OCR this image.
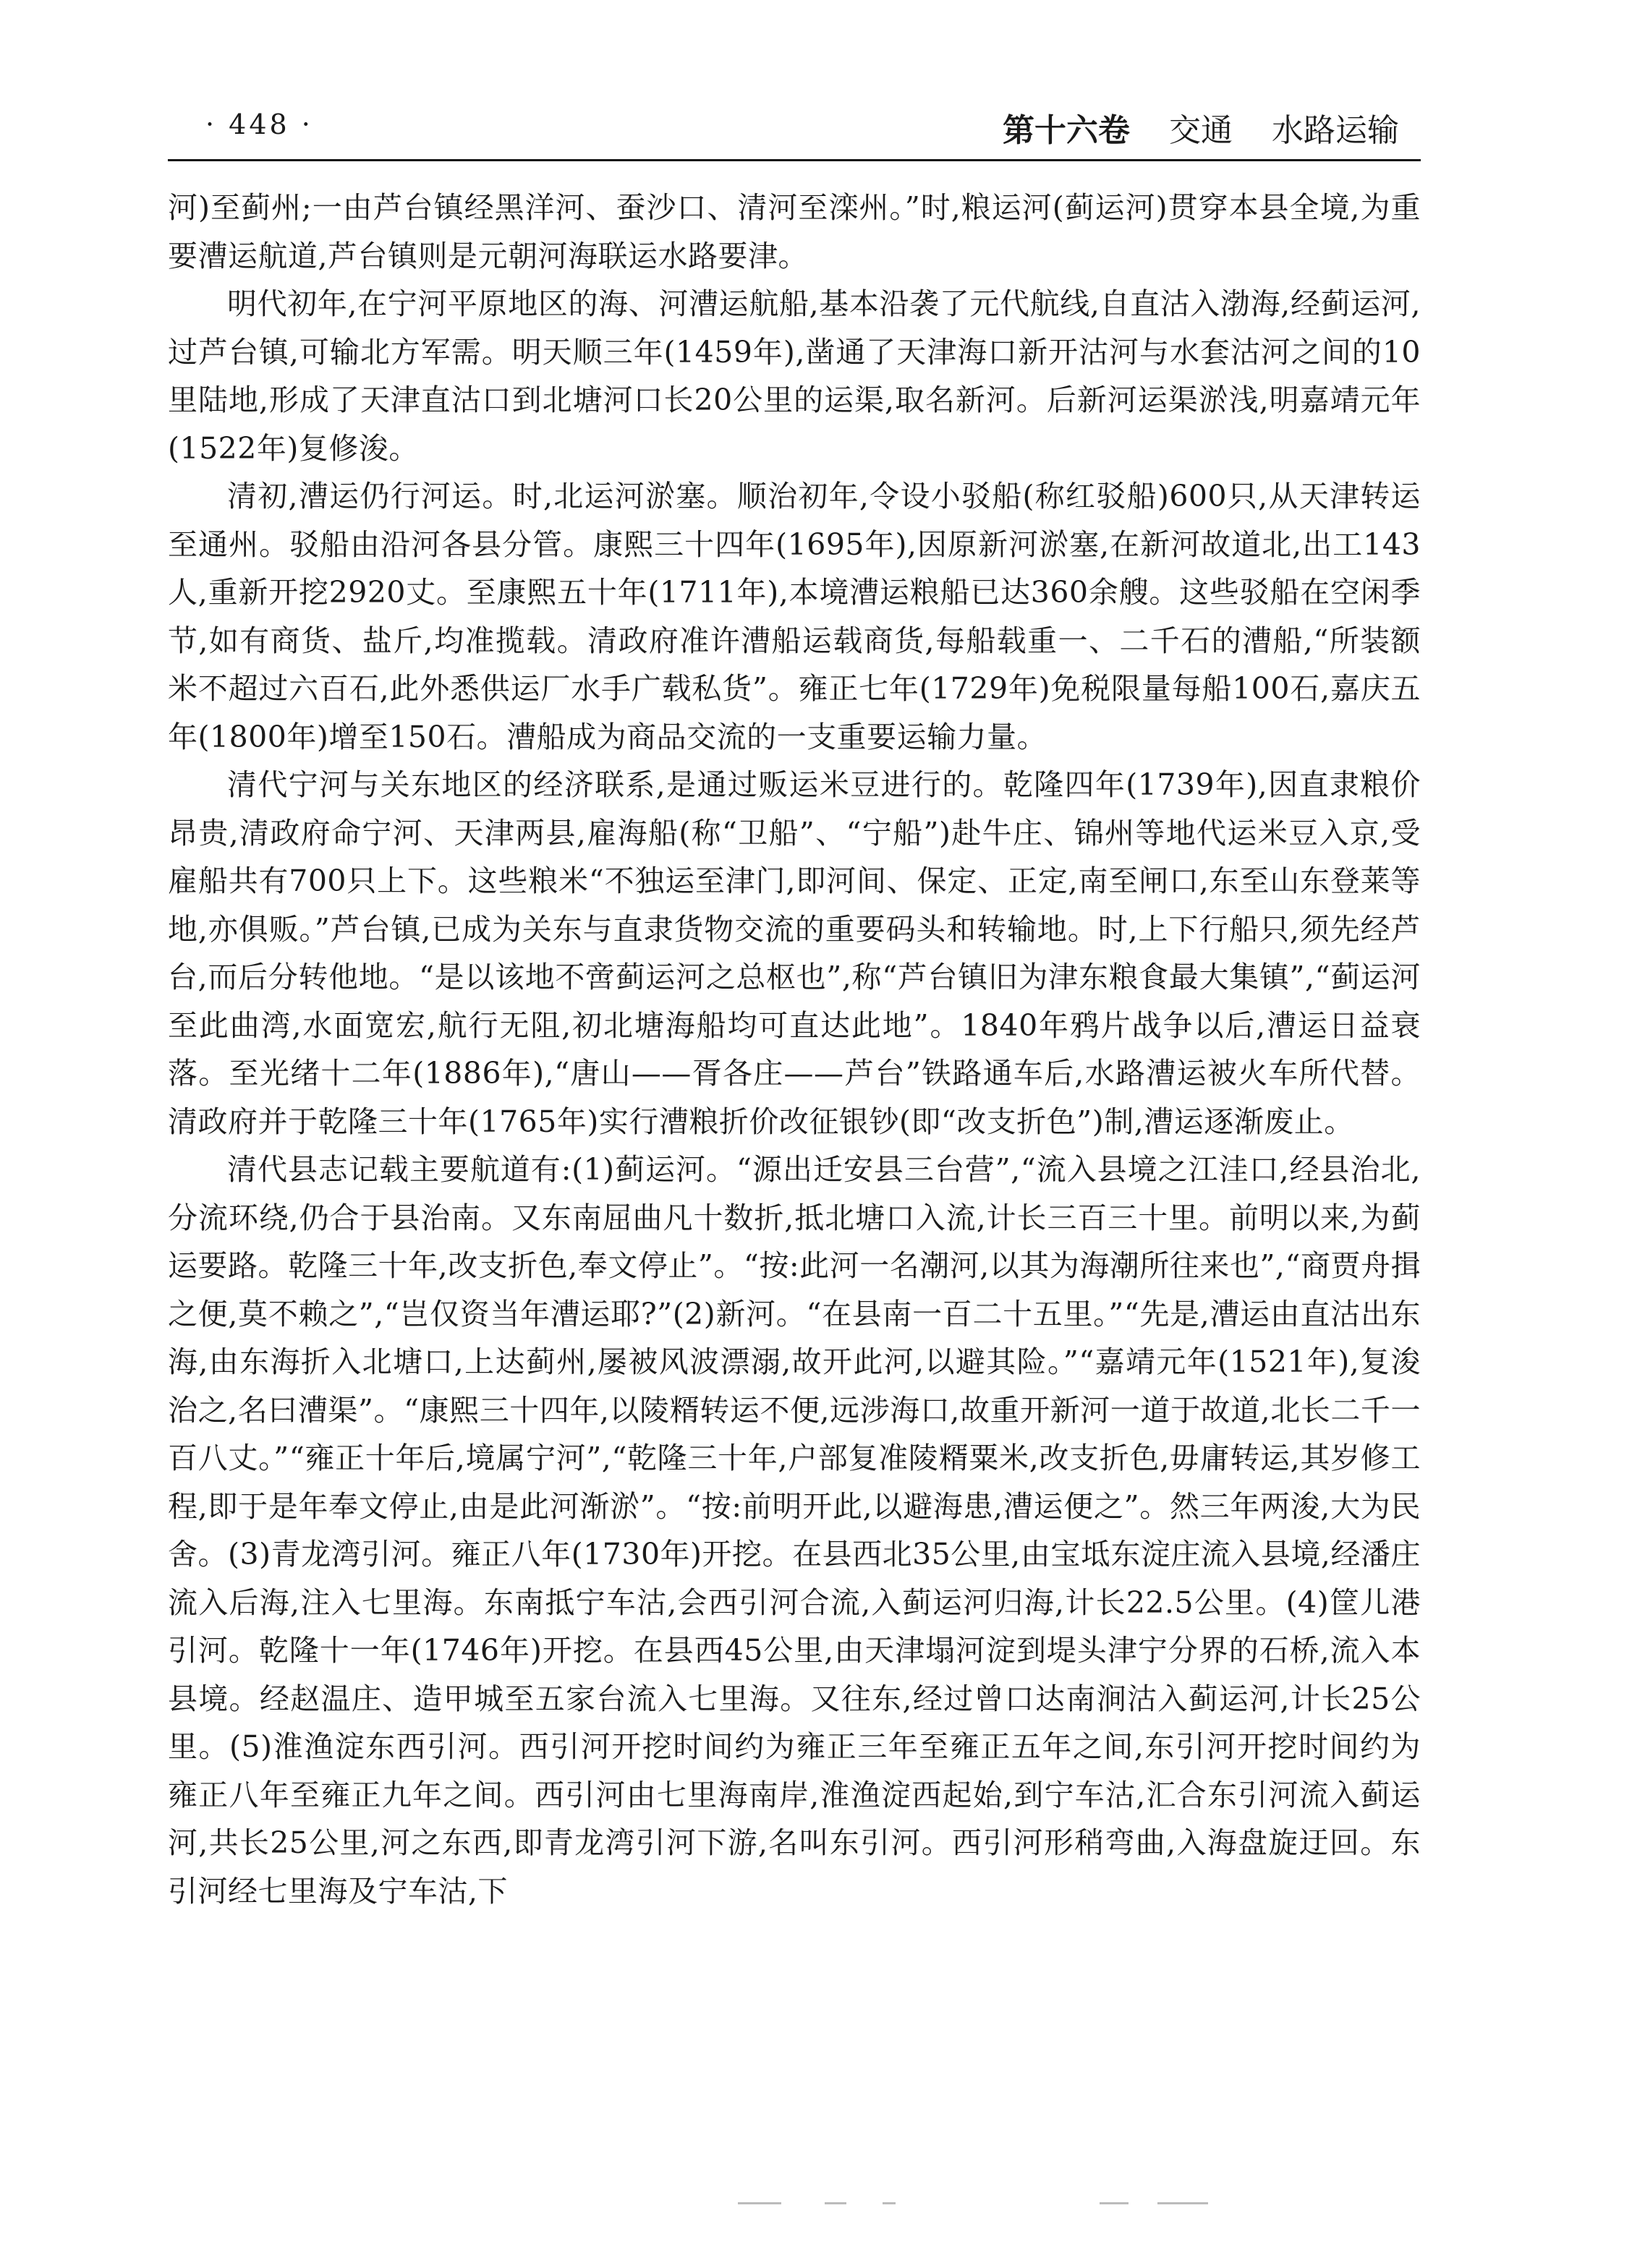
· 448 ·	第十六卷 交通 水路运输

河)至蓟州;一由芦台镇经黑洋河、蚕沙口、清河至滦州。”时,粮运河(蓟运河)贯穿本县全境,为重要漕运航道,芦台镇则是元朝河海联运水路要津。

明代初年,在宁河平原地区的海、河漕运航船,基本沿袭了元代航线,自直沽入渤海,经蓟运河,过芦台镇,可输北方军需。明天顺三年(1459年),凿通了天津海口新开沽河与水套沽河之间的10里陆地,形成了天津直沽口到北塘河口长20公里的运渠,取名新河。后新河运渠淤浅,明嘉靖元年(1522年)复修浚。

清初,漕运仍行河运。时,北运河淤塞。顺治初年,令设小驳船(称红驳船)600只,从天津转运至通州。驳船由沿河各县分管。康熙三十四年(1695年),因原新河淤塞,在新河故道北,出工143人,重新开挖2920丈。至康熙五十年(1711年),本境漕运粮船已达360余艘。这些驳船在空闲季节,如有商货、盐斤,均准揽载。清政府准许漕船运载商货,每船载重一、二千石的漕船,“所装额米不超过六百石,此外悉供运厂水手广载私货”。雍正七年(1729年)免税限量每船100石,嘉庆五年(1800年)增至150石。漕船成为商品交流的一支重要运输力量。

清代宁河与关东地区的经济联系,是通过贩运米豆进行的。乾隆四年(1739年),因直隶粮价昂贵,清政府命宁河、天津两县,雇海船(称“卫船”、“宁船”)赴牛庄、锦州等地代运米豆入京,受雇船共有700只上下。这些粮米“不独运至津门,即河间、保定、正定,南至闸口,东至山东登莱等地,亦俱贩。”芦台镇,已成为关东与直隶货物交流的重要码头和转输地。时,上下行船只,须先经芦台,而后分转他地。“是以该地不啻蓟运河之总枢也”,称“芦台镇旧为津东粮食最大集镇”,“蓟运河至此曲湾,水面宽宏,航行无阻,初北塘海船均可直达此地”。1840年鸦片战争以后,漕运日益衰落。至光绪十二年(1886年),“唐山——胥各庄——芦台”铁路通车后,水路漕运被火车所代替。清政府并于乾隆三十年(1765年)实行漕粮折价改征银钞(即“改支折色”)制,漕运逐渐废止。

清代县志记载主要航道有:(1)蓟运河。“源出迁安县三台营”,“流入县境之江洼口,经县治北,分流环绕,仍合于县治南。又东南屈曲凡十数折,抵北塘口入流,计长三百三十里。前明以来,为蓟运要路。乾隆三十年,改支折色,奉文停止”。“按:此河一名潮河,以其为海潮所往来也”,“商贾舟揖之便,莫不赖之”,“岂仅资当年漕运耶?”(2)新河。“在县南一百二十五里。”“先是,漕运由直沽出东海,由东海折入北塘口,上达蓟州,屡被风波漂溺,故开此河,以避其险。”“嘉靖元年(1521年),复浚治之,名曰漕渠”。“康熙三十四年,以陵糈转运不便,远涉海口,故重开新河一道于故道,北长二千一百八丈。”“雍正十年后,境属宁河”,“乾隆三十年,户部复准陵糈粟米,改支折色,毋庸转运,其岁修工程,即于是年奉文停止,由是此河渐淤”。“按:前明开此,以避海患,漕运便之”。然三年两浚,大为民舍。(3)青龙湾引河。雍正八年(1730年)开挖。在县西北35公里,由宝坻东淀庄流入县境,经潘庄流入后海,注入七里海。东南抵宁车沽,会西引河合流,入蓟运河归海,计长22.5公里。(4)筐儿港引河。乾隆十一年(1746年)开挖。在县西45公里,由天津塌河淀到堤头津宁分界的石桥,流入本县境。经赵温庄、造甲城至五家台流入七里海。又往东,经过曾口达南涧沽入蓟运河,计长25公里。(5)淮渔淀东西引河。西引河开挖时间约为雍正三年至雍正五年之间,东引河开挖时间约为雍正八年至雍正九年之间。西引河由七里海南岸,淮渔淀西起始,到宁车沽,汇合东引河流入蓟运河,共长25公里,河之东西,即青龙湾引河下游,名叫东引河。西引河形稍弯曲,入海盘旋迂回。东引河经七里海及宁车沽,下
